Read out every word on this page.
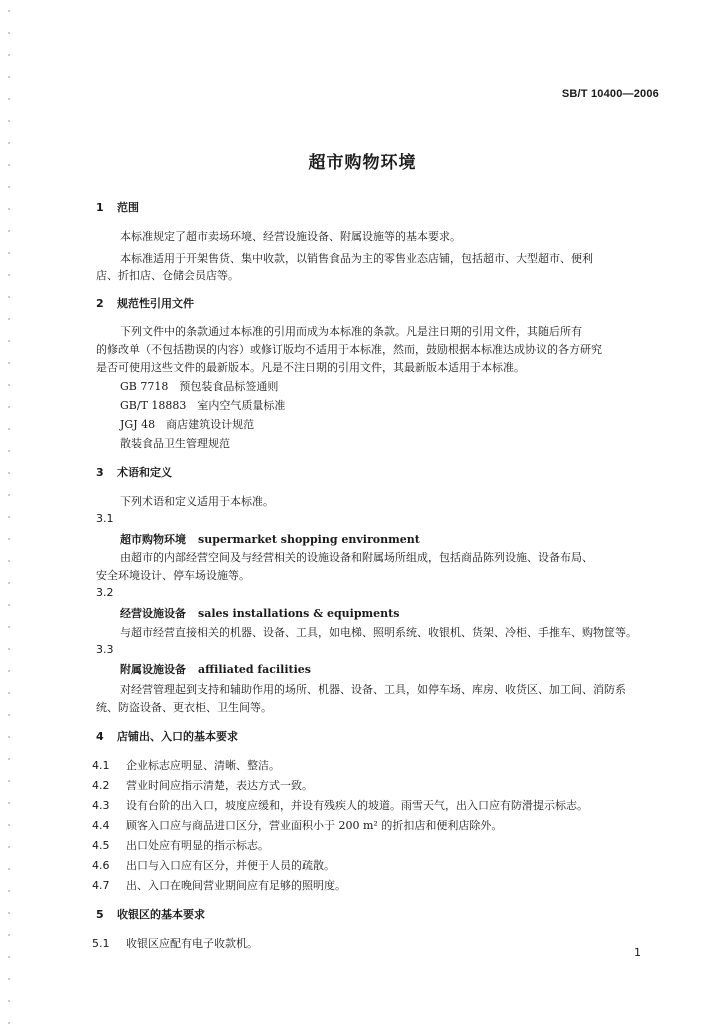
SB/T 10400—2006
超市购物环境
1 范围
本标准规定了超市卖场环境、经营设施设备、附属设施等的基本要求。
本标准适用于开架售货、集中收款，以销售食品为主的零售业态店铺，包括超市、大型超市、便利
店、折扣店、仓储会员店等。
2 规范性引用文件
下列文件中的条款通过本标准的引用而成为本标准的条款。凡是注日期的引用文件，其随后所有
的修改单（不包括勘误的内容）或修订版均不适用于本标准，然而，鼓励根据本标准达成协议的各方研究
是否可使用这些文件的最新版本。凡是不注日期的引用文件，其最新版本适用于本标准。
GB 7718　预包装食品标签通则
GB/T 18883　室内空气质量标准
JGJ 48　商店建筑设计规范
散装食品卫生管理规范
3 术语和定义
下列术语和定义适用于本标准。
3.1
超市购物环境 supermarket shopping environment
由超市的内部经营空间及与经营相关的设施设备和附属场所组成，包括商品陈列设施、设备布局、
安全环境设计、停车场设施等。
3.2
经营设施设备 sales installations & equipments
与超市经营直接相关的机器、设备、工具，如电梯、照明系统、收银机、货架、冷柜、手推车、购物筐等。
3.3
附属设施设备 affiliated facilities
对经营管理起到支持和辅助作用的场所、机器、设备、工具，如停车场、库房、收货区、加工间、消防系
统、防盗设备、更衣柜、卫生间等。
4 店铺出、入口的基本要求
4.1 企业标志应明显、清晰、整洁。
4.2 营业时间应指示清楚，表达方式一致。
4.3 设有台阶的出入口，坡度应缓和，并设有残疾人的坡道。雨雪天气，出入口应有防滑提示标志。
4.4 顾客入口应与商品进口区分，营业面积小于 200 m² 的折扣店和便利店除外。
4.5 出口处应有明显的指示标志。
4.6 出口与入口应有区分，并便于人员的疏散。
4.7 出、入口在晚间营业期间应有足够的照明度。
5 收银区的基本要求
5.1 收银区应配有电子收款机。
1
